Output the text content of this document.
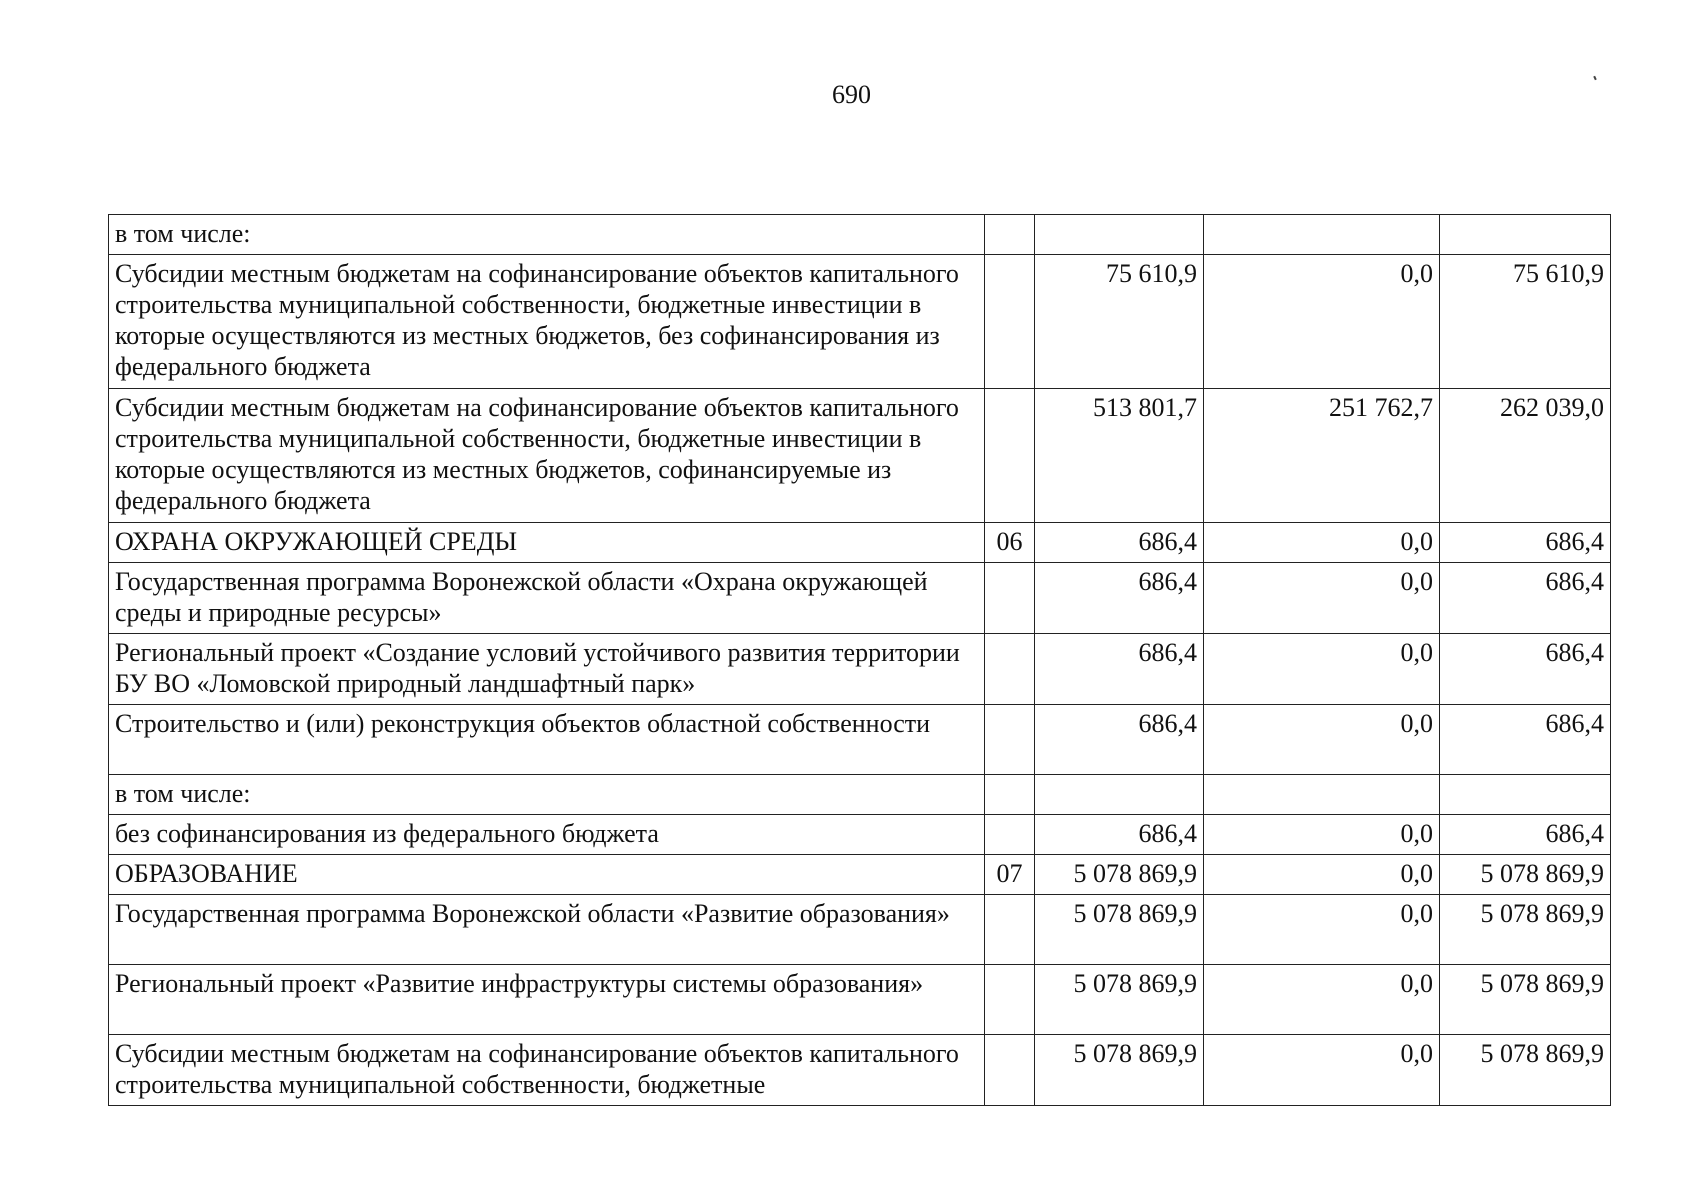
690
в том числе:				
Субсидии местным бюджетам на софинансирование объектов капитального строительства муниципальной собственности, бюджетные инвестиции в которые осуществляются из местных бюджетов, без софинансирования из федерального бюджета		75 610,9	0,0	75 610,9
Субсидии местным бюджетам на софинансирование объектов капитального строительства муниципальной собственности, бюджетные инвестиции в которые осуществляются из местных бюджетов, софинансируемые из федерального бюджета		513 801,7	251 762,7	262 039,0
ОХРАНА ОКРУЖАЮЩЕЙ СРЕДЫ	06	686,4	0,0	686,4
Государственная программа Воронежской области «Охрана окружающей среды и природные ресурсы»		686,4	0,0	686,4
Региональный проект «Создание условий устойчивого развития территории БУ ВО «Ломовской природный ландшафтный парк»		686,4	0,0	686,4
Строительство и (или) реконструкция объектов областной собственности		686,4	0,0	686,4
в том числе:				
без софинансирования из федерального бюджета		686,4	0,0	686,4
ОБРАЗОВАНИЕ	07	5 078 869,9	0,0	5 078 869,9
Государственная программа Воронежской области «Развитие образования»		5 078 869,9	0,0	5 078 869,9
Региональный проект «Развитие инфраструктуры системы образования»		5 078 869,9	0,0	5 078 869,9
Субсидии местным бюджетам на софинансирование объектов капитального строительства муниципальной собственности, бюджетные		5 078 869,9	0,0	5 078 869,9
